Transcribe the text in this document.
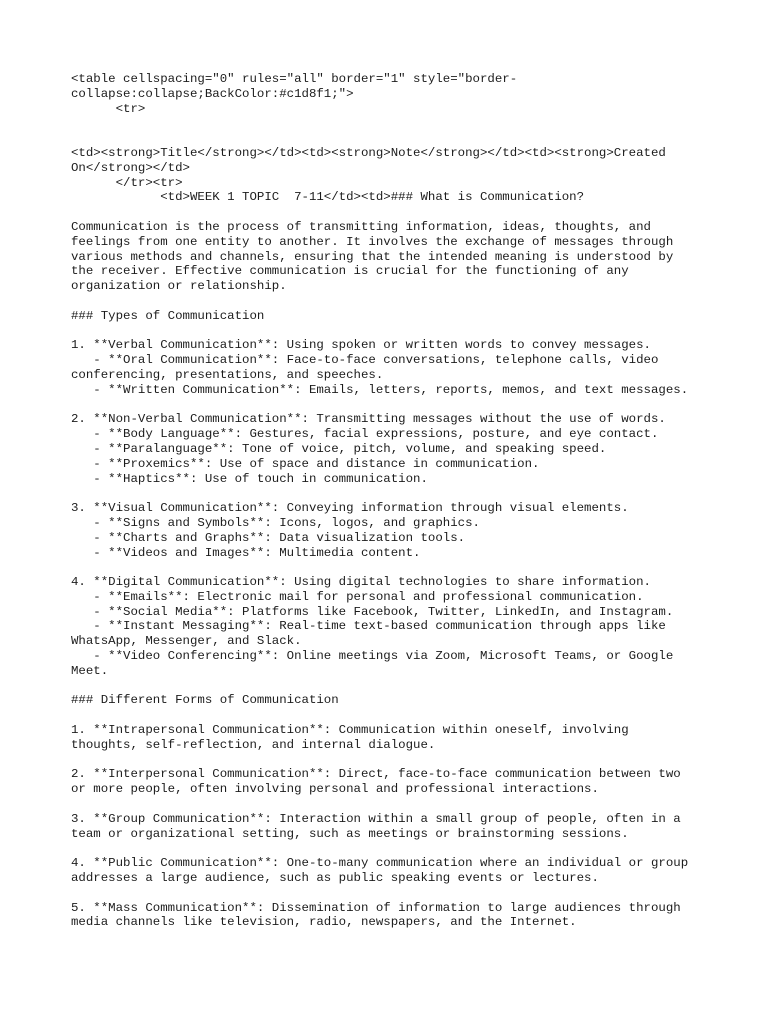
<table cellspacing="0" rules="all" border="1" style="border-
collapse:collapse;BackColor:#c1d8f1;">
<tr>
<td><strong>Title</strong></td><td><strong>Note</strong></td><td><strong>Created
On</strong></td>
</tr><tr>
<td>WEEK 1 TOPIC  7-11</td><td>### What is Communication?
Communication is the process of transmitting information, ideas, thoughts, and
feelings from one entity to another. It involves the exchange of messages through
various methods and channels, ensuring that the intended meaning is understood by
the receiver. Effective communication is crucial for the functioning of any
organization or relationship.
### Types of Communication
1. **Verbal Communication**: Using spoken or written words to convey messages.
- **Oral Communication**: Face-to-face conversations, telephone calls, video
conferencing, presentations, and speeches.
- **Written Communication**: Emails, letters, reports, memos, and text messages.
2. **Non-Verbal Communication**: Transmitting messages without the use of words.
- **Body Language**: Gestures, facial expressions, posture, and eye contact.
- **Paralanguage**: Tone of voice, pitch, volume, and speaking speed.
- **Proxemics**: Use of space and distance in communication.
- **Haptics**: Use of touch in communication.
3. **Visual Communication**: Conveying information through visual elements.
- **Signs and Symbols**: Icons, logos, and graphics.
- **Charts and Graphs**: Data visualization tools.
- **Videos and Images**: Multimedia content.
4. **Digital Communication**: Using digital technologies to share information.
- **Emails**: Electronic mail for personal and professional communication.
- **Social Media**: Platforms like Facebook, Twitter, LinkedIn, and Instagram.
- **Instant Messaging**: Real-time text-based communication through apps like
WhatsApp, Messenger, and Slack.
- **Video Conferencing**: Online meetings via Zoom, Microsoft Teams, or Google
Meet.
### Different Forms of Communication
1. **Intrapersonal Communication**: Communication within oneself, involving
thoughts, self-reflection, and internal dialogue.
2. **Interpersonal Communication**: Direct, face-to-face communication between two
or more people, often involving personal and professional interactions.
3. **Group Communication**: Interaction within a small group of people, often in a
team or organizational setting, such as meetings or brainstorming sessions.
4. **Public Communication**: One-to-many communication where an individual or group
addresses a large audience, such as public speaking events or lectures.
5. **Mass Communication**: Dissemination of information to large audiences through
media channels like television, radio, newspapers, and the Internet.
